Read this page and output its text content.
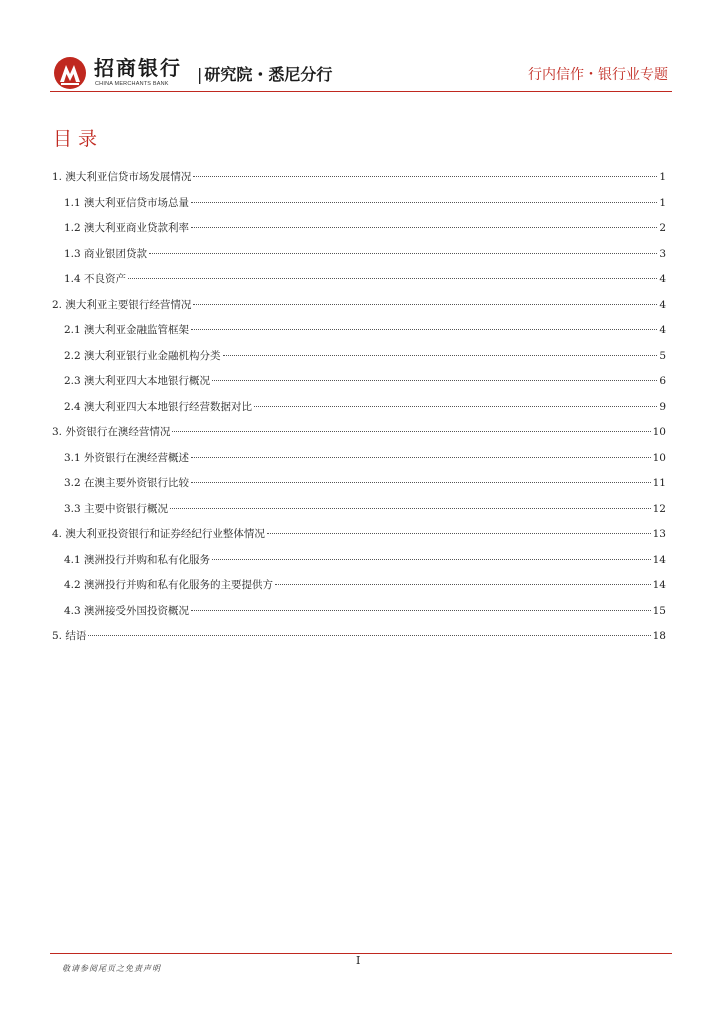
招商银行
CHINA MERCHANTS BANK | 研究院・悉尼分行	行内信作・银行业专题
目录
1. 澳大利亚信贷市场发展情况	1
1.1 澳大利亚信贷市场总量	1
1.2 澳大利亚商业贷款利率	2
1.3 商业银团贷款	3
1.4 不良资产	4
2. 澳大利亚主要银行经营情况	4
2.1 澳大利亚金融监管框架	4
2.2 澳大利亚银行业金融机构分类	5
2.3 澳大利亚四大本地银行概况	6
2.4 澳大利亚四大本地银行经营数据对比	9
3. 外资银行在澳经营情况	10
3.1 外资银行在澳经营概述	10
3.2 在澳主要外资银行比较	11
3.3 主要中资银行概况	12
4. 澳大利亚投资银行和证券经纪行业整体情况	13
4.1 澳洲投行并购和私有化服务	14
4.2 澳洲投行并购和私有化服务的主要提供方	14
4.3 澳洲接受外国投资概况	15
5. 结语	18
I
敬请参阅尾页之免责声明
